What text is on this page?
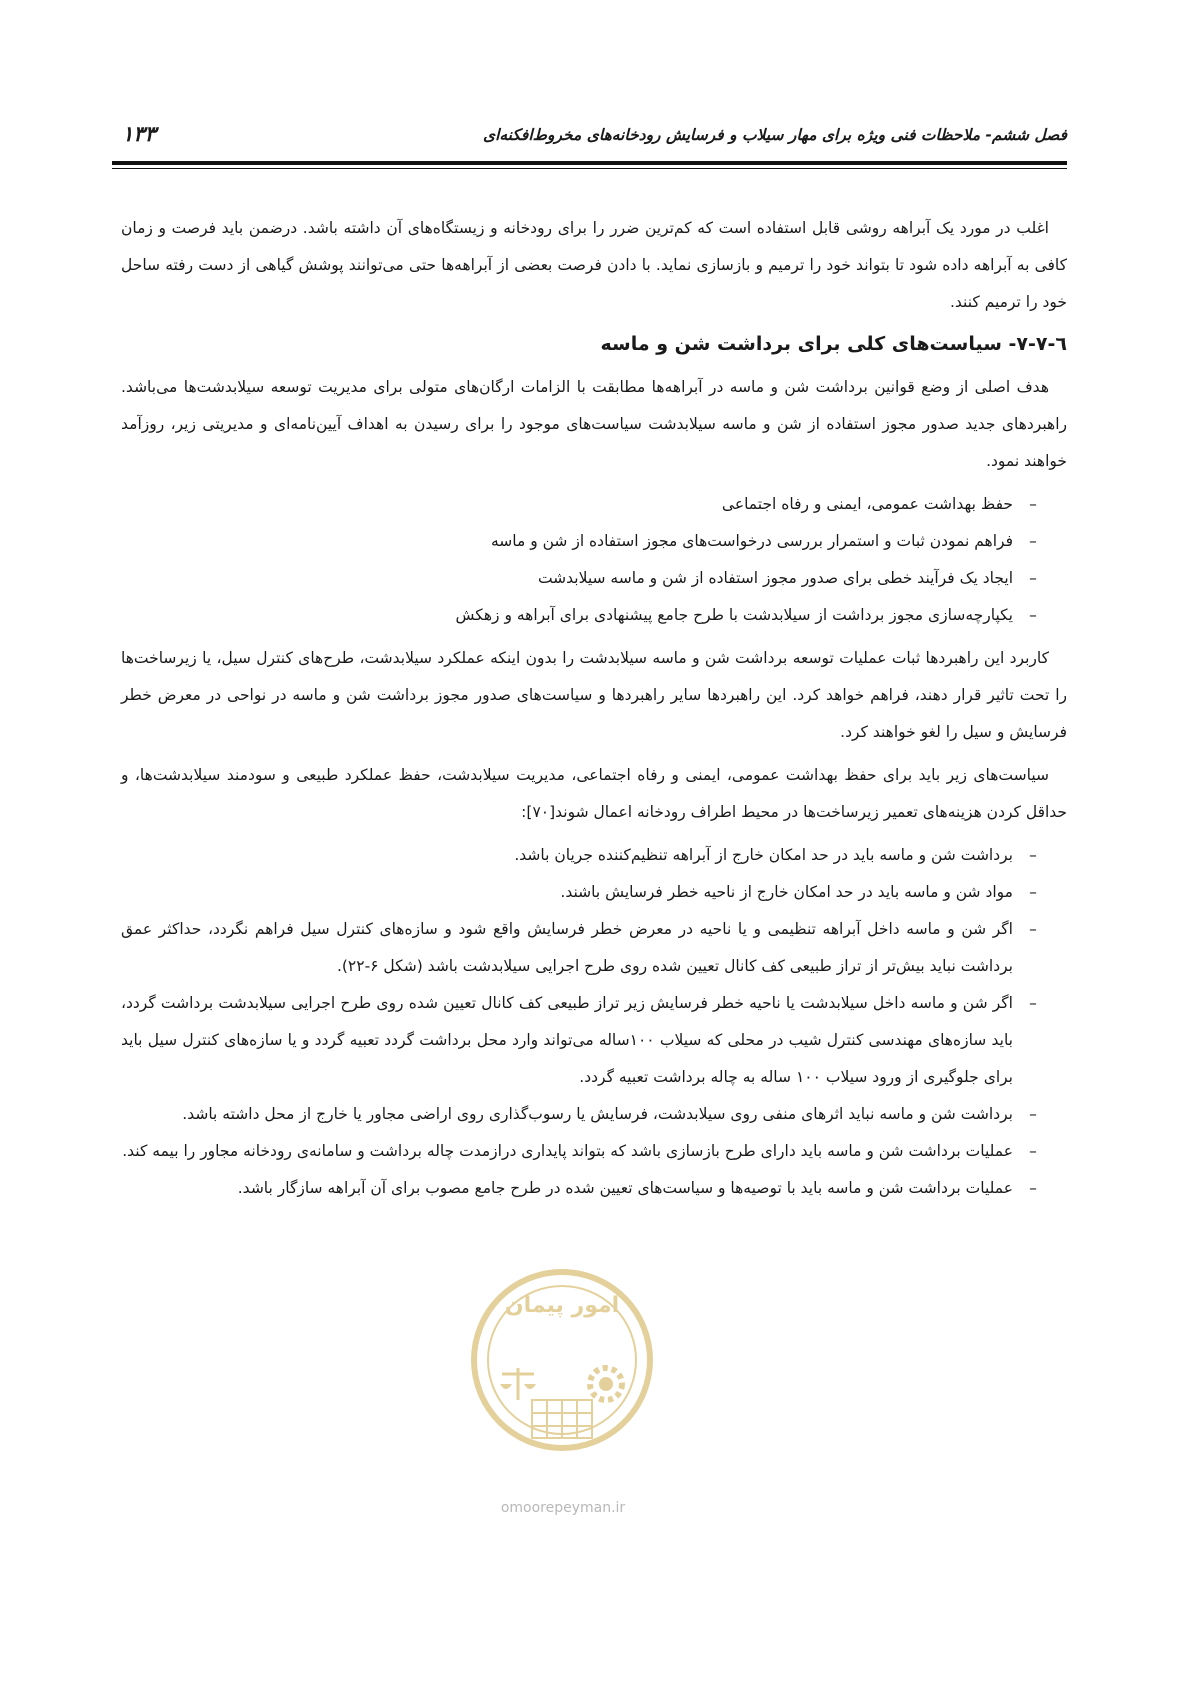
فصل ششم- ملاحظات فنی ویژه برای مهار سیلاب و فرسایش رودخانه‌های مخروط‌افکنه‌ای
۱۳۳

اغلب در مورد یک آبراهه روشی قابل استفاده است که کم‌ترین ضرر را برای رودخانه و زیستگاه‌های آن داشته باشد. درضمن باید فرصت و زمان کافی به آبراهه داده شود تا بتواند خود را ترمیم و بازسازی نماید. با دادن فرصت بعضی از آبراهه‌ها حتی می‌توانند پوشش گیاهی از دست رفته ساحل خود را ترمیم کنند.

٦-۷-۷- سیاست‌های کلی برای برداشت شن و ماسه

هدف اصلی از وضع قوانین برداشت شن و ماسه در آبراهه‌ها مطابقت با الزامات ارگان‌های متولی برای مدیریت توسعه سیلابدشت‌ها می‌باشد. راهبردهای جدید صدور مجوز استفاده از شن و ماسه سیلابدشت سیاست‌های موجود را برای رسیدن به اهداف آیین‌نامه‌ای و مدیریتی زیر، روزآمد خواهند نمود.

–
حفظ بهداشت عمومی، ایمنی و رفاه اجتماعی
–
فراهم نمودن ثبات و استمرار بررسی درخواست‌های مجوز استفاده از شن و ماسه
–
ایجاد یک فرآیند خطی برای صدور مجوز استفاده از شن و ماسه سیلابدشت
–
یکپارچه‌سازی مجوز برداشت از سیلابدشت با طرح جامع پیشنهادی برای آبراهه و زهکش

کاربرد این راهبردها ثبات عملیات توسعه برداشت شن و ماسه سیلابدشت را بدون اینکه عملکرد سیلابدشت، طرح‌های کنترل سیل، یا زیرساخت‌ها را تحت تاثیر قرار دهند، فراهم خواهد کرد. این راهبردها سایر راهبردها و سیاست‌های صدور مجوز برداشت شن و ماسه در نواحی در معرض خطر فرسایش و سیل را لغو خواهند کرد.

سیاست‌های زیر باید برای حفظ بهداشت عمومی، ایمنی و رفاه اجتماعی، مدیریت سیلابدشت، حفظ عملکرد طبیعی و سودمند سیلابدشت‌ها، و حداقل کردن هزینه‌های تعمیر زیرساخت‌ها در محیط اطراف رودخانه اعمال شوند[۷۰]:

–
برداشت شن و ماسه باید در حد امکان خارج از آبراهه تنظیم‌کننده جریان باشد.
–
مواد شن و ماسه باید در حد امکان خارج از ناحیه خطر فرسایش باشند.
–
اگر شن و ماسه داخل آبراهه تنظیمی و یا ناحیه در معرض خطر فرسایش واقع شود و سازه‌های کنترل سیل فراهم نگردد، حداکثر عمق برداشت نباید بیش‌تر از تراز طبیعی کف کانال تعیین شده روی طرح اجرایی سیلابدشت باشد (شکل ۶-۲۲).
–
اگر شن و ماسه داخل سیلابدشت یا ناحیه خطر فرسایش زیر تراز طبیعی کف کانال تعیین شده روی طرح اجرایی سیلابدشت برداشت گردد، باید سازه‌های مهندسی کنترل شیب در محلی که سیلاب ۱۰۰ساله می‌تواند وارد محل برداشت گردد تعبیه گردد و یا سازه‌های کنترل سیل باید برای جلوگیری از ورود سیلاب ۱۰۰ ساله به چاله برداشت تعبیه گردد.
–
برداشت شن و ماسه نباید اثرهای منفی روی سیلابدشت، فرسایش یا رسوب‌گذاری روی اراضی مجاور یا خارج از محل داشته باشد.
–
عملیات برداشت شن و ماسه باید دارای طرح بازسازی باشد که بتواند پایداری درازمدت چاله برداشت و سامانه‌ی رودخانه مجاور را بیمه کند.
–
عملیات برداشت شن و ماسه باید با توصیه‌ها و سیاست‌های تعیین شده در طرح جامع مصوب برای آن آبراهه سازگار باشد.
امور پیمان
omoorepeyman.ir
